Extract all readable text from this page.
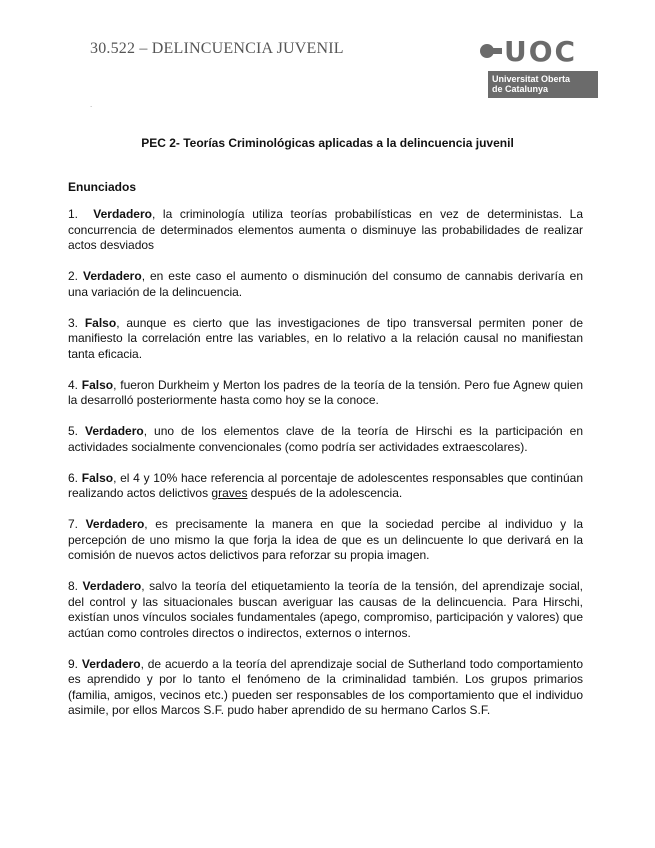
30.522 – DELINCUENCIA JUVENIL	UOC
Universitat Oberta
de Catalunya
.
PEC 2- Teorías Criminológicas aplicadas a la delincuencia juvenil
Enunciados

1. Verdadero, la criminología utiliza teorías probabilísticas en vez de deterministas. La concurrencia de determinados elementos aumenta o disminuye las probabilidades de realizar actos desviados

2. Verdadero, en este caso el aumento o disminución del consumo de cannabis derivaría en una variación de la delincuencia.

3. Falso, aunque es cierto que las investigaciones de tipo transversal permiten poner de manifiesto la correlación entre las variables, en lo relativo a la relación causal no manifiestan tanta eficacia.

4. Falso, fueron Durkheim y Merton los padres de la teoría de la tensión. Pero fue Agnew quien la desarrolló posteriormente hasta como hoy se la conoce.

5. Verdadero, uno de los elementos clave de la teoría de Hirschi es la participación en actividades socialmente convencionales (como podría ser actividades extraescolares).

6. Falso, el 4 y 10% hace referencia al porcentaje de adolescentes responsables que continúan realizando actos delictivos graves después de la adolescencia.

7. Verdadero, es precisamente la manera en que la sociedad percibe al individuo y la percepción de uno mismo la que forja la idea de que es un delincuente lo que derivará en la comisión de nuevos actos delictivos para reforzar su propia imagen.

8. Verdadero, salvo la teoría del etiquetamiento la teoría de la tensión, del aprendizaje social, del control y las situacionales buscan averiguar las causas de la delincuencia. Para Hirschi, existían unos vínculos sociales fundamentales (apego, compromiso, participación y valores) que actúan como controles directos o indirectos, externos o internos.

9. Verdadero, de acuerdo a la teoría del aprendizaje social de Sutherland todo comportamiento es aprendido y por lo tanto el fenómeno de la criminalidad también. Los grupos primarios (familia, amigos, vecinos etc.) pueden ser responsables de los comportamiento que el individuo asimile, por ellos Marcos S.F. pudo haber aprendido de su hermano Carlos S.F.
